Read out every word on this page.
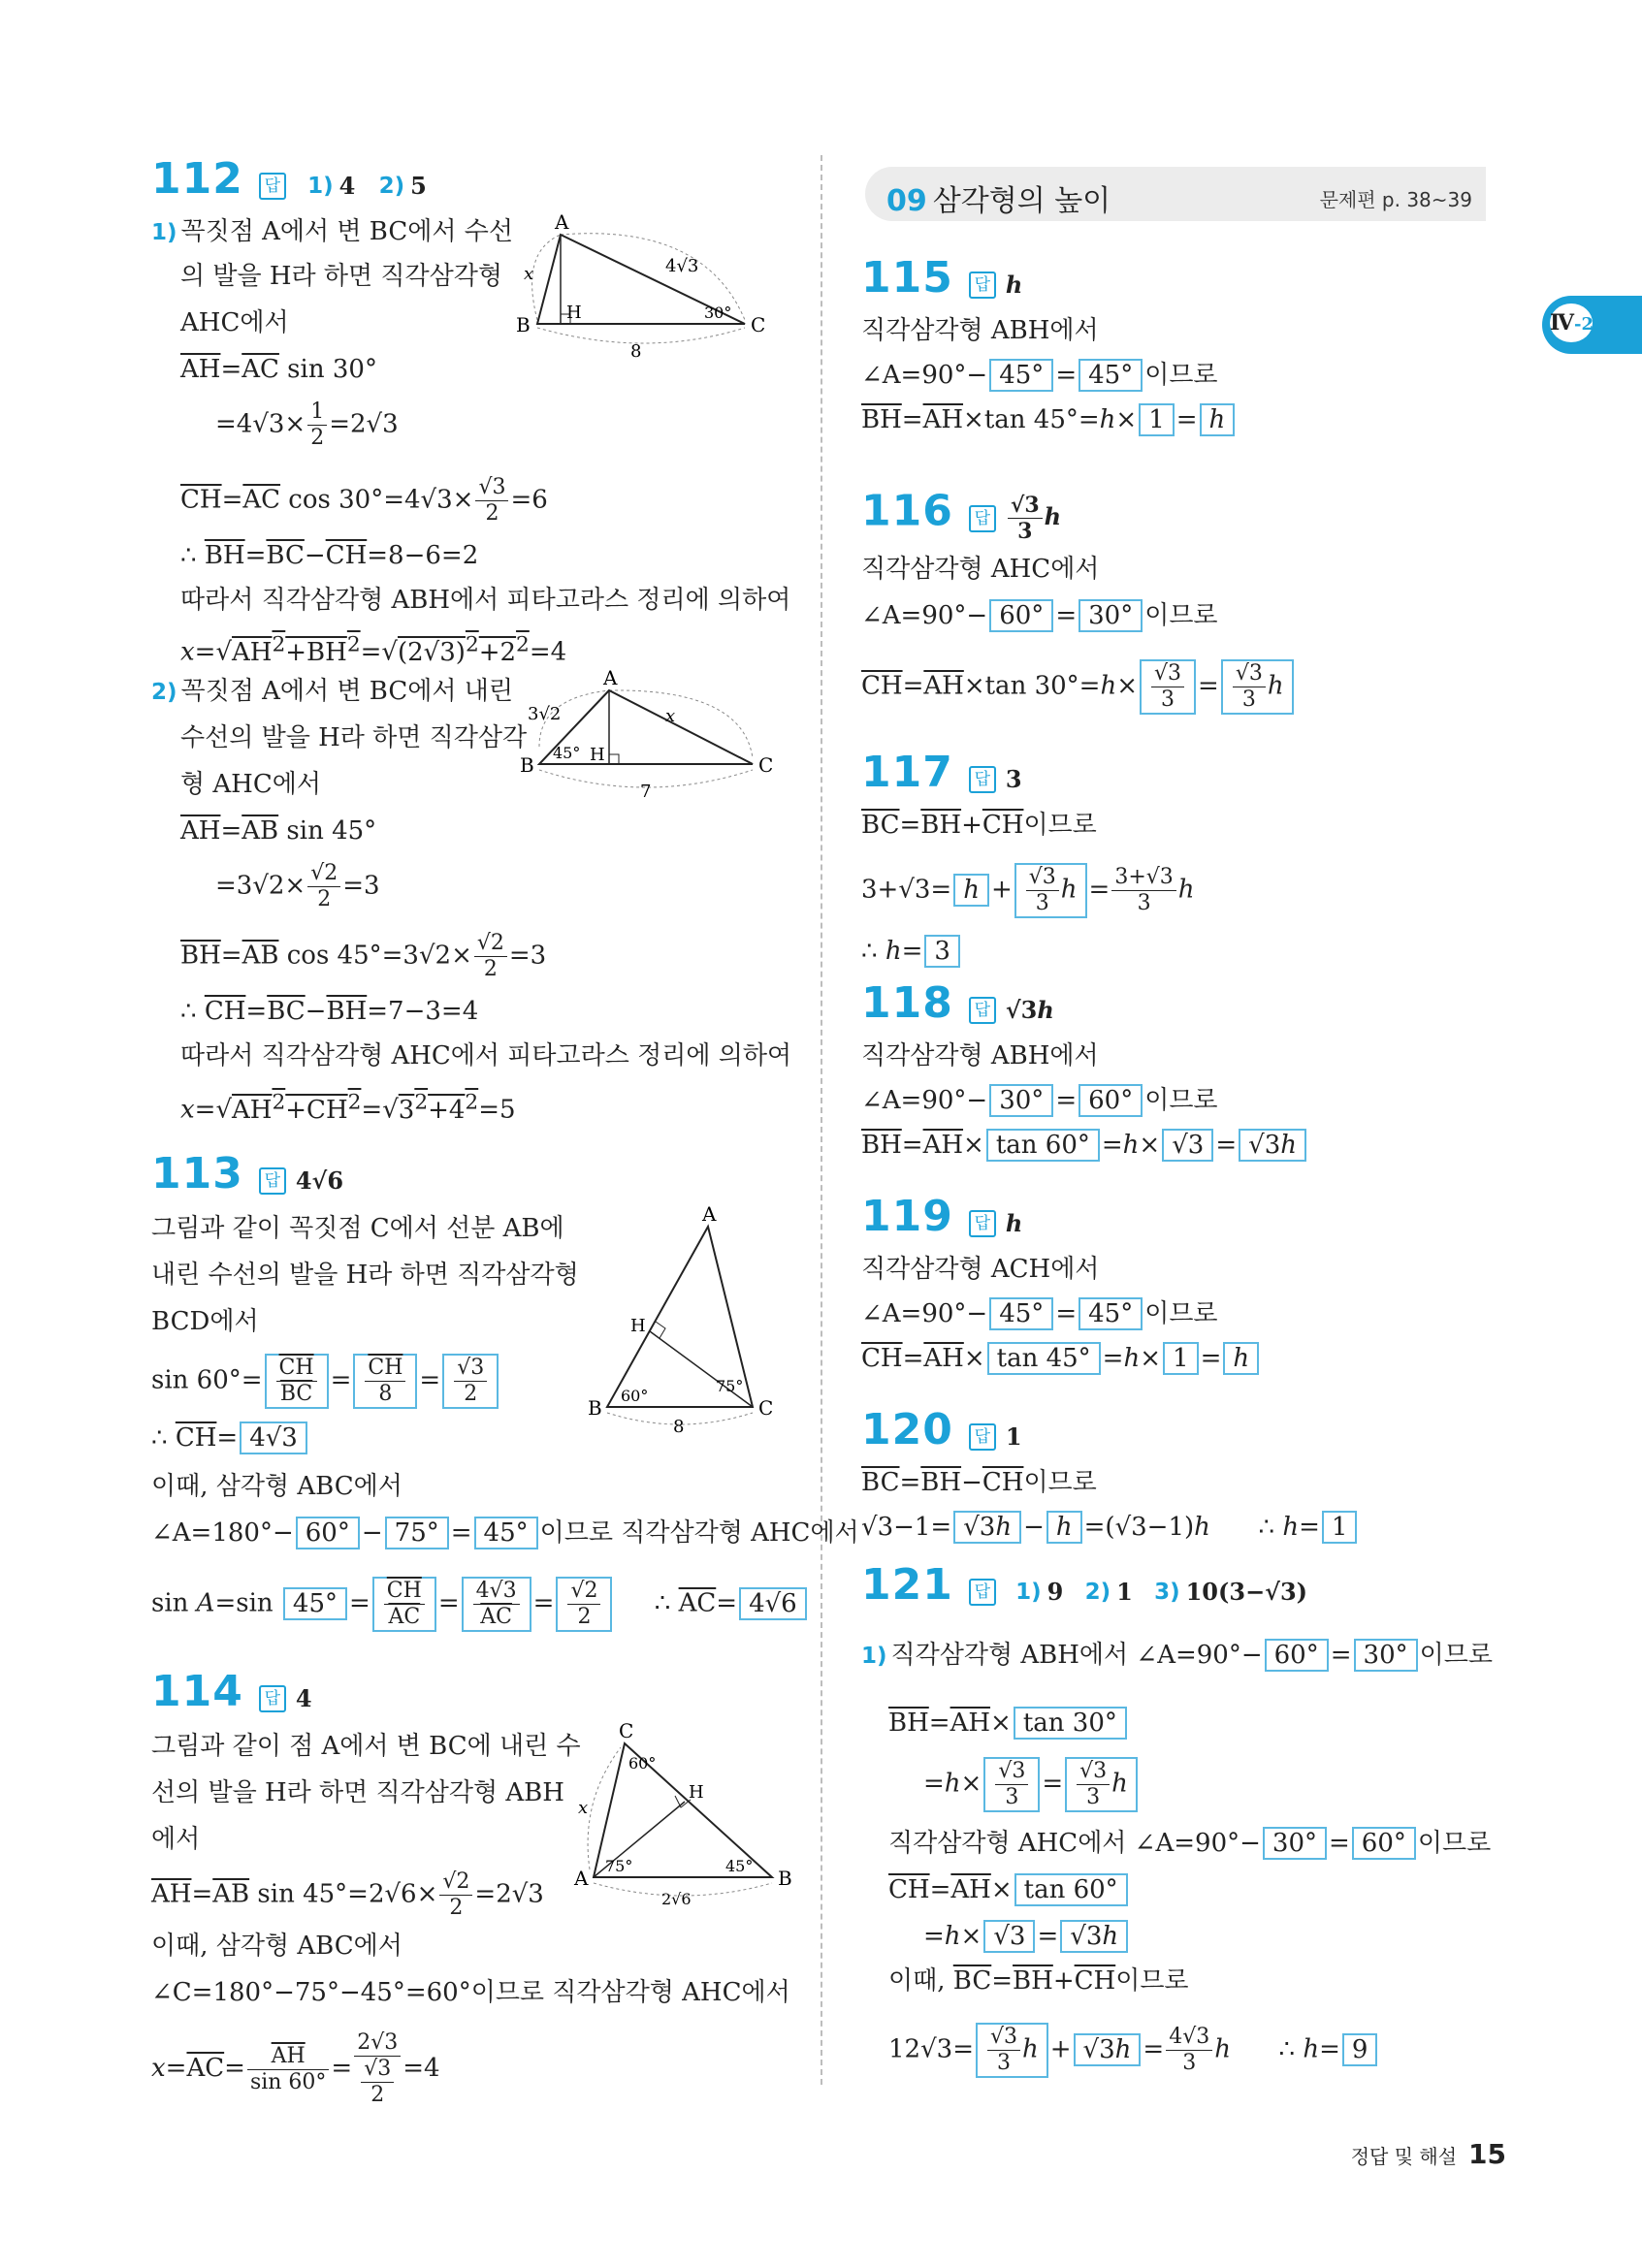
09 삼각형의 높이	문제편 p. 38~39
Ⅳ-2
정답 및 해설 15
112 답 1) 4 2) 5
1) 꼭짓점 A에서 변 BC에서 수선
의 발을 H라 하면 직각삼각형
AHC에서
$\overline{AH}=\overline{AC}$ sin 30°
$=4√3\times \frac{1}{2} =2√3$
$\overline{CH}=\overline{AC}$ $\cos 30^\circ=4√3\times \frac{√3}{2} =6$
∴ $\overline{BH}=\overline{BC}-\overline{CH}=8-6=2$
따라서 직각삼각형 ABH에서 피타고라스 정리에 의하여
$x=√AH^2+BH^2=√(2√3)^2+2^2=4$
2) 꼭짓점 A에서 변 BC에서 내린
수선의 발을 H라 하면 직각삼각
형 AHC에서
$\overline{AH}=\overline{AB}$ sin 45°
$=3√2\times \frac{√2}{2} =3$
$\overline{BH}=\overline{AB}$ $\cos 45^\circ=3√2\times \frac{√2}{2} =3$
∴ $\overline{CH}=\overline{BC}-\overline{BH}=7-3=4$
따라서 직각삼각형 AHC에서 피타고라스 정리에 의하여
$x=√AH^2+CH^2=√3^2+4^2=5$
A
B	C
H
x	4√3
8
30°
A
B	C
H
x
3√2
7
45°
113 답 4√6
그림과 같이 꼭짓점 C에서 선분 AB에
내린 수선의 발을 H라 하면 직각삼각형
BCD에서
$\sin 60^\circ= \frac{\overline{CH}}{BC} = \frac{\overline{CH}}{8} = \frac{√3}{2}$
∴ $\overline{CH}= 4√3$
이때, 삼각형 ABC에서
∠A=180°− 60° − 75° = 45° 이므로 직각삼각형 AHC에서
sin A=sin $45^\circ = \frac{\overline{CH}}{AC} = \frac{4√3}{AC} = \frac{√2}{2}$ ∴ $\overline{AC}= 4√6$
A
B	C
H
60°
75°
8
114 답 4
그림과 같이 점 A에서 변 BC에 내린 수
선의 발을 H라 하면 직각삼각형 ABH
에서
$\overline{AH}=\overline{AB}$ $\sin 45^\circ=2√6\times \frac{√2}{2} =2√3$
이때, 삼각형 ABC에서
∠C=180°−75°−45°=60°이므로 직각삼각형 AHC에서
$x=\overline{AC}= \frac{\overline{AH}}{\sin 60^\circ} = \frac{2√3}{\frac{√3}{2}} =4$
C
A	B
H
x
60°
75°	45°
2√6
115 답 h
직각삼각형 ABH에서
∠A=90°− 45° = 45° 이므로
$\overline{BH}=\overline{AH}\times\tan$ 45°=h× 1 = h
116 답 $\frac{√3}{3}$ h
직각삼각형 AHC에서
∠A=90°− 60° = 30° 이므로
$\overline{CH}=\overline{AH}\times\tan$ $30^\circ=h\times \frac{√3}{3} = \frac{√3}{3}$ h
117 답 3
$\overline{BC}=\overline{BH}+\overline{CH}$이므로
$3+√3= h + \frac{√3}{3}$ $h = \frac{3+√3}{3}$ h
∴ h= 3
118 답 √3h
직각삼각형 ABH에서
∠A=90°− 30° = 60° 이므로
$\overline{BH}=\overline{AH}\times \tan 60^\circ =h\times √3 = √3h$
119 답 h
직각삼각형 ACH에서
∠A=90°− 45° = 45° 이므로
$\overline{CH}=\overline{AH}\times \tan 45^\circ =h\times 1 = h$
120 답 1
$\overline{BC}=\overline{BH}-\overline{CH}$이므로
√3−1= √3h − h =(√3−1)h      ∴ h= 1
121 답 1) 9 2) 1 3) 10(3−√3)
1) 직각삼각형 ABH에서 ∠A=90°− 60° = 30° 이므로
$\overline{BH}=\overline{AH}\times \tan 30^\circ$
$=h\times \frac{√3}{3} = \frac{√3}{3}$ h
직각삼각형 AHC에서 ∠A=90°− 30° = 60° 이므로
$\overline{CH}=\overline{AH}\times \tan 60^\circ$
=h× √3 = √3h
이때, $\overline{BC}=\overline{BH}+\overline{CH}$이므로
$12√3= \frac{√3}{3}$ $h + √3h = \frac{4√3}{3}$ h      ∴ h= 9
